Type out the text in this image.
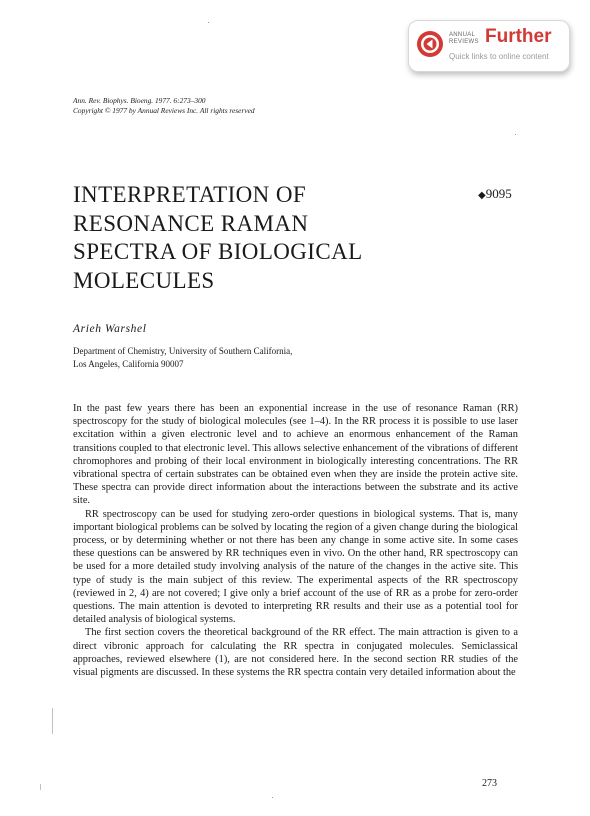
ANNUAL
REVIEWS Further
Quick links to online content
Ann. Rev. Biophys. Bioeng. 1977. 6:273–300
Copyright © 1977 by Annual Reviews Inc. All rights reserved
INTERPRETATION OF
RESONANCE RAMAN
SPECTRA OF BIOLOGICAL
MOLECULES
◆9095
Arieh Warshel
Department of Chemistry, University of Southern California,
Los Angeles, California 90007

In the past few years there has been an exponential increase in the use of resonance Raman (RR) spectroscopy for the study of biological molecules (see 1–4). In the RR process it is possible to use laser excitation within a given electronic level and to achieve an enormous enhancement of the Raman transitions coupled to that electronic level. This allows selective enhancement of the vibrations of different chromophores and probing of their local environment in biologically interesting concentrations. The RR vibrational spectra of certain substrates can be obtained even when they are inside the protein active site. These spectra can provide direct information about the interactions between the substrate and its active site.

RR spectroscopy can be used for studying zero-order questions in biological systems. That is, many important biological problems can be solved by locating the region of a given change during the biological process, or by determining whether or not there has been any change in some active site. In some cases these questions can be answered by RR techniques even in vivo. On the other hand, RR spectroscopy can be used for a more detailed study involving analysis of the nature of the changes in the active site. This type of study is the main subject of this review. The experimental aspects of the RR spectroscopy (reviewed in 2, 4) are not covered; I give only a brief account of the use of RR as a probe for zero-order questions. The main attention is devoted to interpreting RR results and their use as a potential tool for detailed analysis of biological systems.

The first section covers the theoretical background of the RR effect. The main attraction is given to a direct vibronic approach for calculating the RR spectra in conjugated molecules. Semiclassical approaches, reviewed elsewhere (1), are not considered here. In the second section RR studies of the visual pigments are discussed. In these systems the RR spectra contain very detailed information about the

273
